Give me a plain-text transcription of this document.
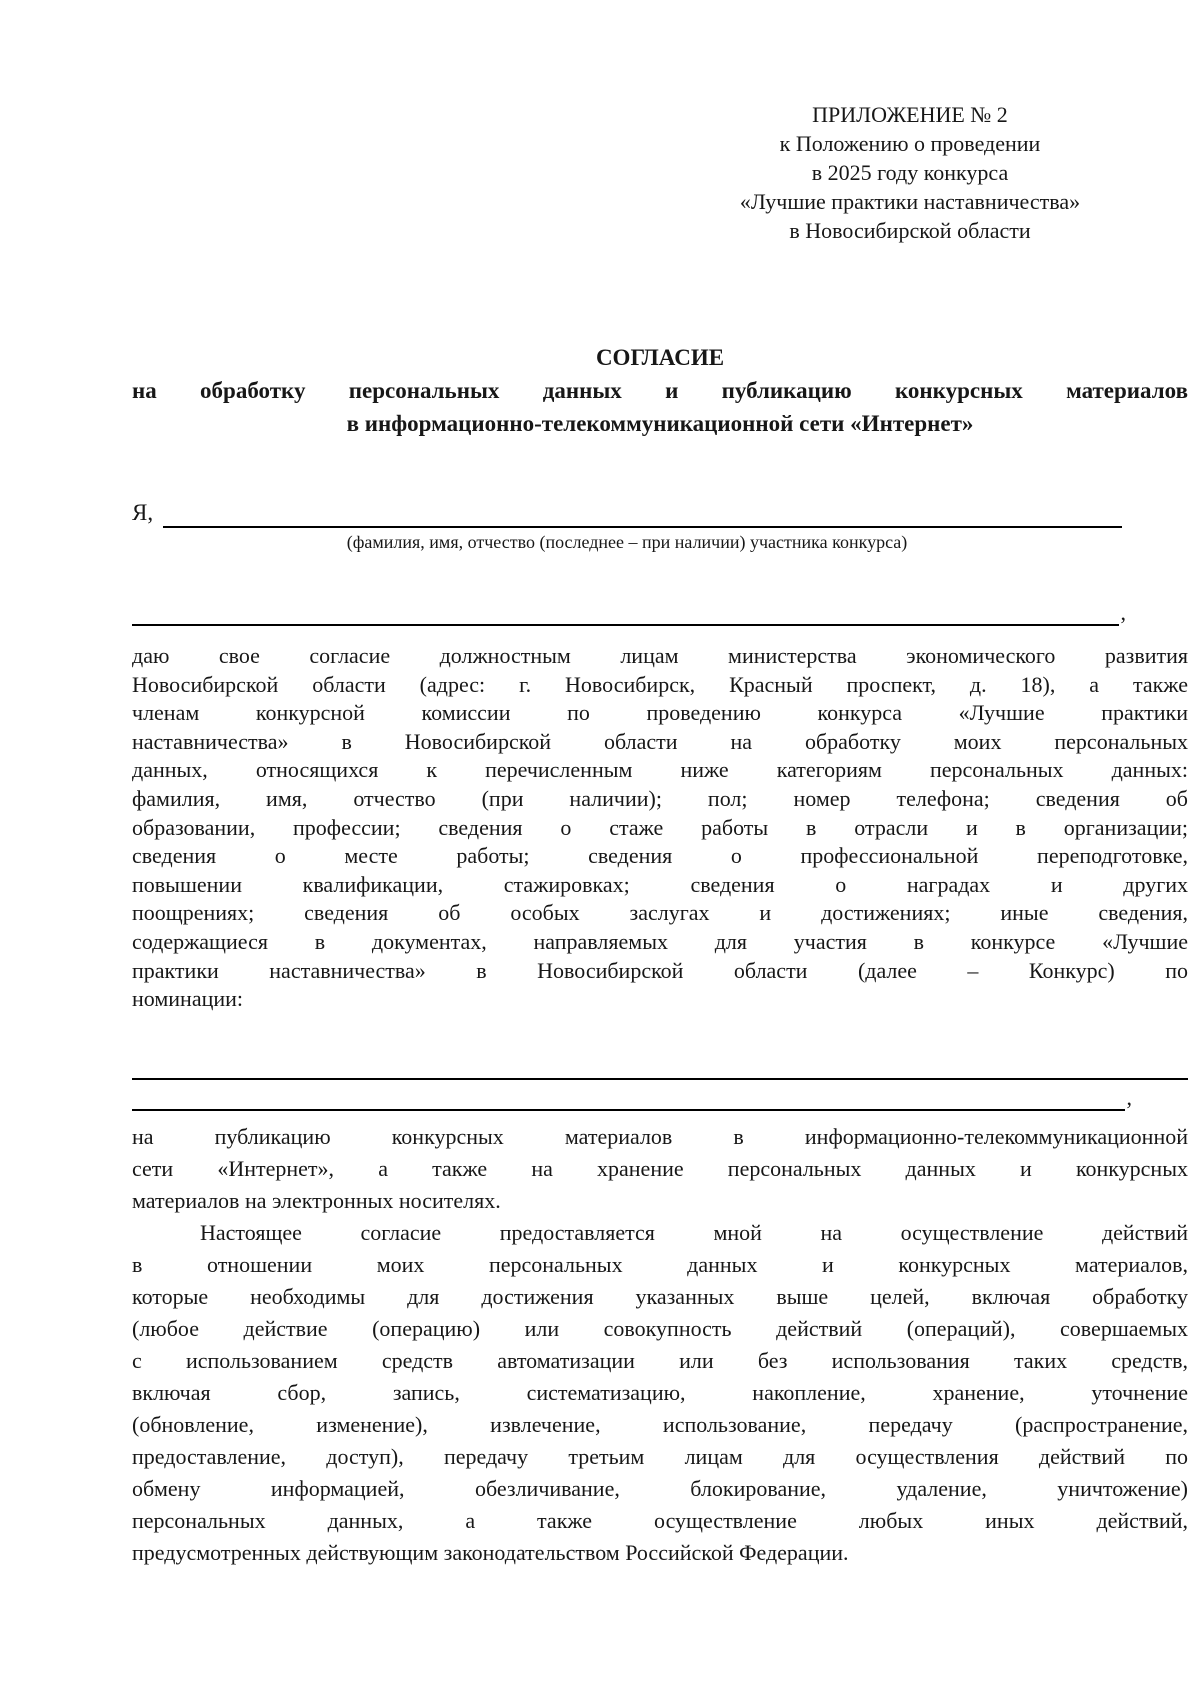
ПРИЛОЖЕНИЕ № 2
к Положению о проведении
в 2025 году конкурса
«Лучшие практики наставничества»
в Новосибирской области
СОГЛАСИЕ
на обработку персональных данных и публикацию конкурсных материалов
в информационно-телекоммуникационной сети «Интернет»
Я,
(фамилия, имя, отчество (последнее – при наличии) участника конкурса)
,
даю свое согласие должностным лицам министерства экономического развития
Новосибирской области (адрес: г. Новосибирск, Красный проспект, д. 18), а также
членам конкурсной комиссии по проведению конкурса «Лучшие практики
наставничества» в Новосибирской области на обработку моих персональных
данных, относящихся к перечисленным ниже категориям персональных данных:
фамилия, имя, отчество (при наличии); пол; номер телефона; сведения об
образовании, профессии; сведения о стаже работы в отрасли и в организации;
сведения о месте работы; сведения о профессиональной переподготовке,
повышении квалификации, стажировках; сведения о наградах и других
поощрениях; сведения об особых заслугах и достижениях; иные сведения,
содержащиеся в документах, направляемых для участия в конкурсе «Лучшие
практики наставничества» в Новосибирской области (далее – Конкурс) по
номинации:
,
на публикацию конкурсных материалов в информационно-телекоммуникационной
сети «Интернет», а также на хранение персональных данных и конкурсных
материалов на электронных носителях.
Настоящее согласие предоставляется мной на осуществление действий
в отношении моих персональных данных и конкурсных материалов,
которые необходимы для достижения указанных выше целей, включая обработку
(любое действие (операцию) или совокупность действий (операций), совершаемых
с использованием средств автоматизации или без использования таких средств,
включая сбор, запись, систематизацию, накопление, хранение, уточнение
(обновление, изменение), извлечение, использование, передачу (распространение,
предоставление, доступ), передачу третьим лицам для осуществления действий по
обмену информацией, обезличивание, блокирование, удаление, уничтожение)
персональных данных, а также осуществление любых иных действий,
предусмотренных действующим законодательством Российской Федерации.
